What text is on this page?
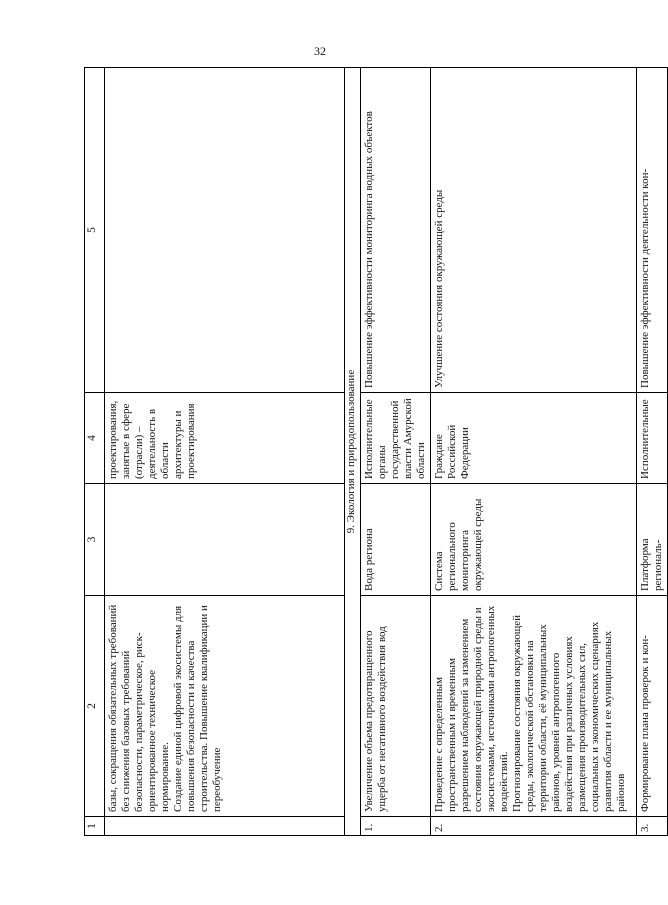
32
1	2	3	4	5

	базы, сокращения обязательных требований без снижения базовых требований безопасности, параметрическое, риск-ориентированное техническое нормирование. Создание единой цифровой экосистемы для повышения безопасности и качества строительства. Повышение квалификации и переобучение		проектирования, занятые в сфере (отрасли) – деятельность в области архитектуры и проектирования	
9. Экология и природопользование				
1.	Увеличение объема предотвращенного ущерба от негативного воздействия вод	Вода региона	Исполнительные органы государственной власти Амурской области	Повышение эффективности мониторинга водных объектов
2.	Проведение с определенным пространственным и временным разрешением наблюдений за изменением состояния окружающей природной среды и экосистемами, источниками антропогенных воздействий. Прогнозирование состояния окружающей среды, экологической обстановки на территории области, её муниципальных районов, уровней антропогенного воздействия при различных условиях размещения производительных сил, социальных и экономических сценариях развития области и ее муниципальных районов	Система регионального мониторинга окружающей среды	Граждане Российской Федерации	Улучшение состояния окружающей среды
3.	Формирование плана проверок и кон-	Платформа региональ-	Исполнительные	Повышение эффективности деятельности кон-
